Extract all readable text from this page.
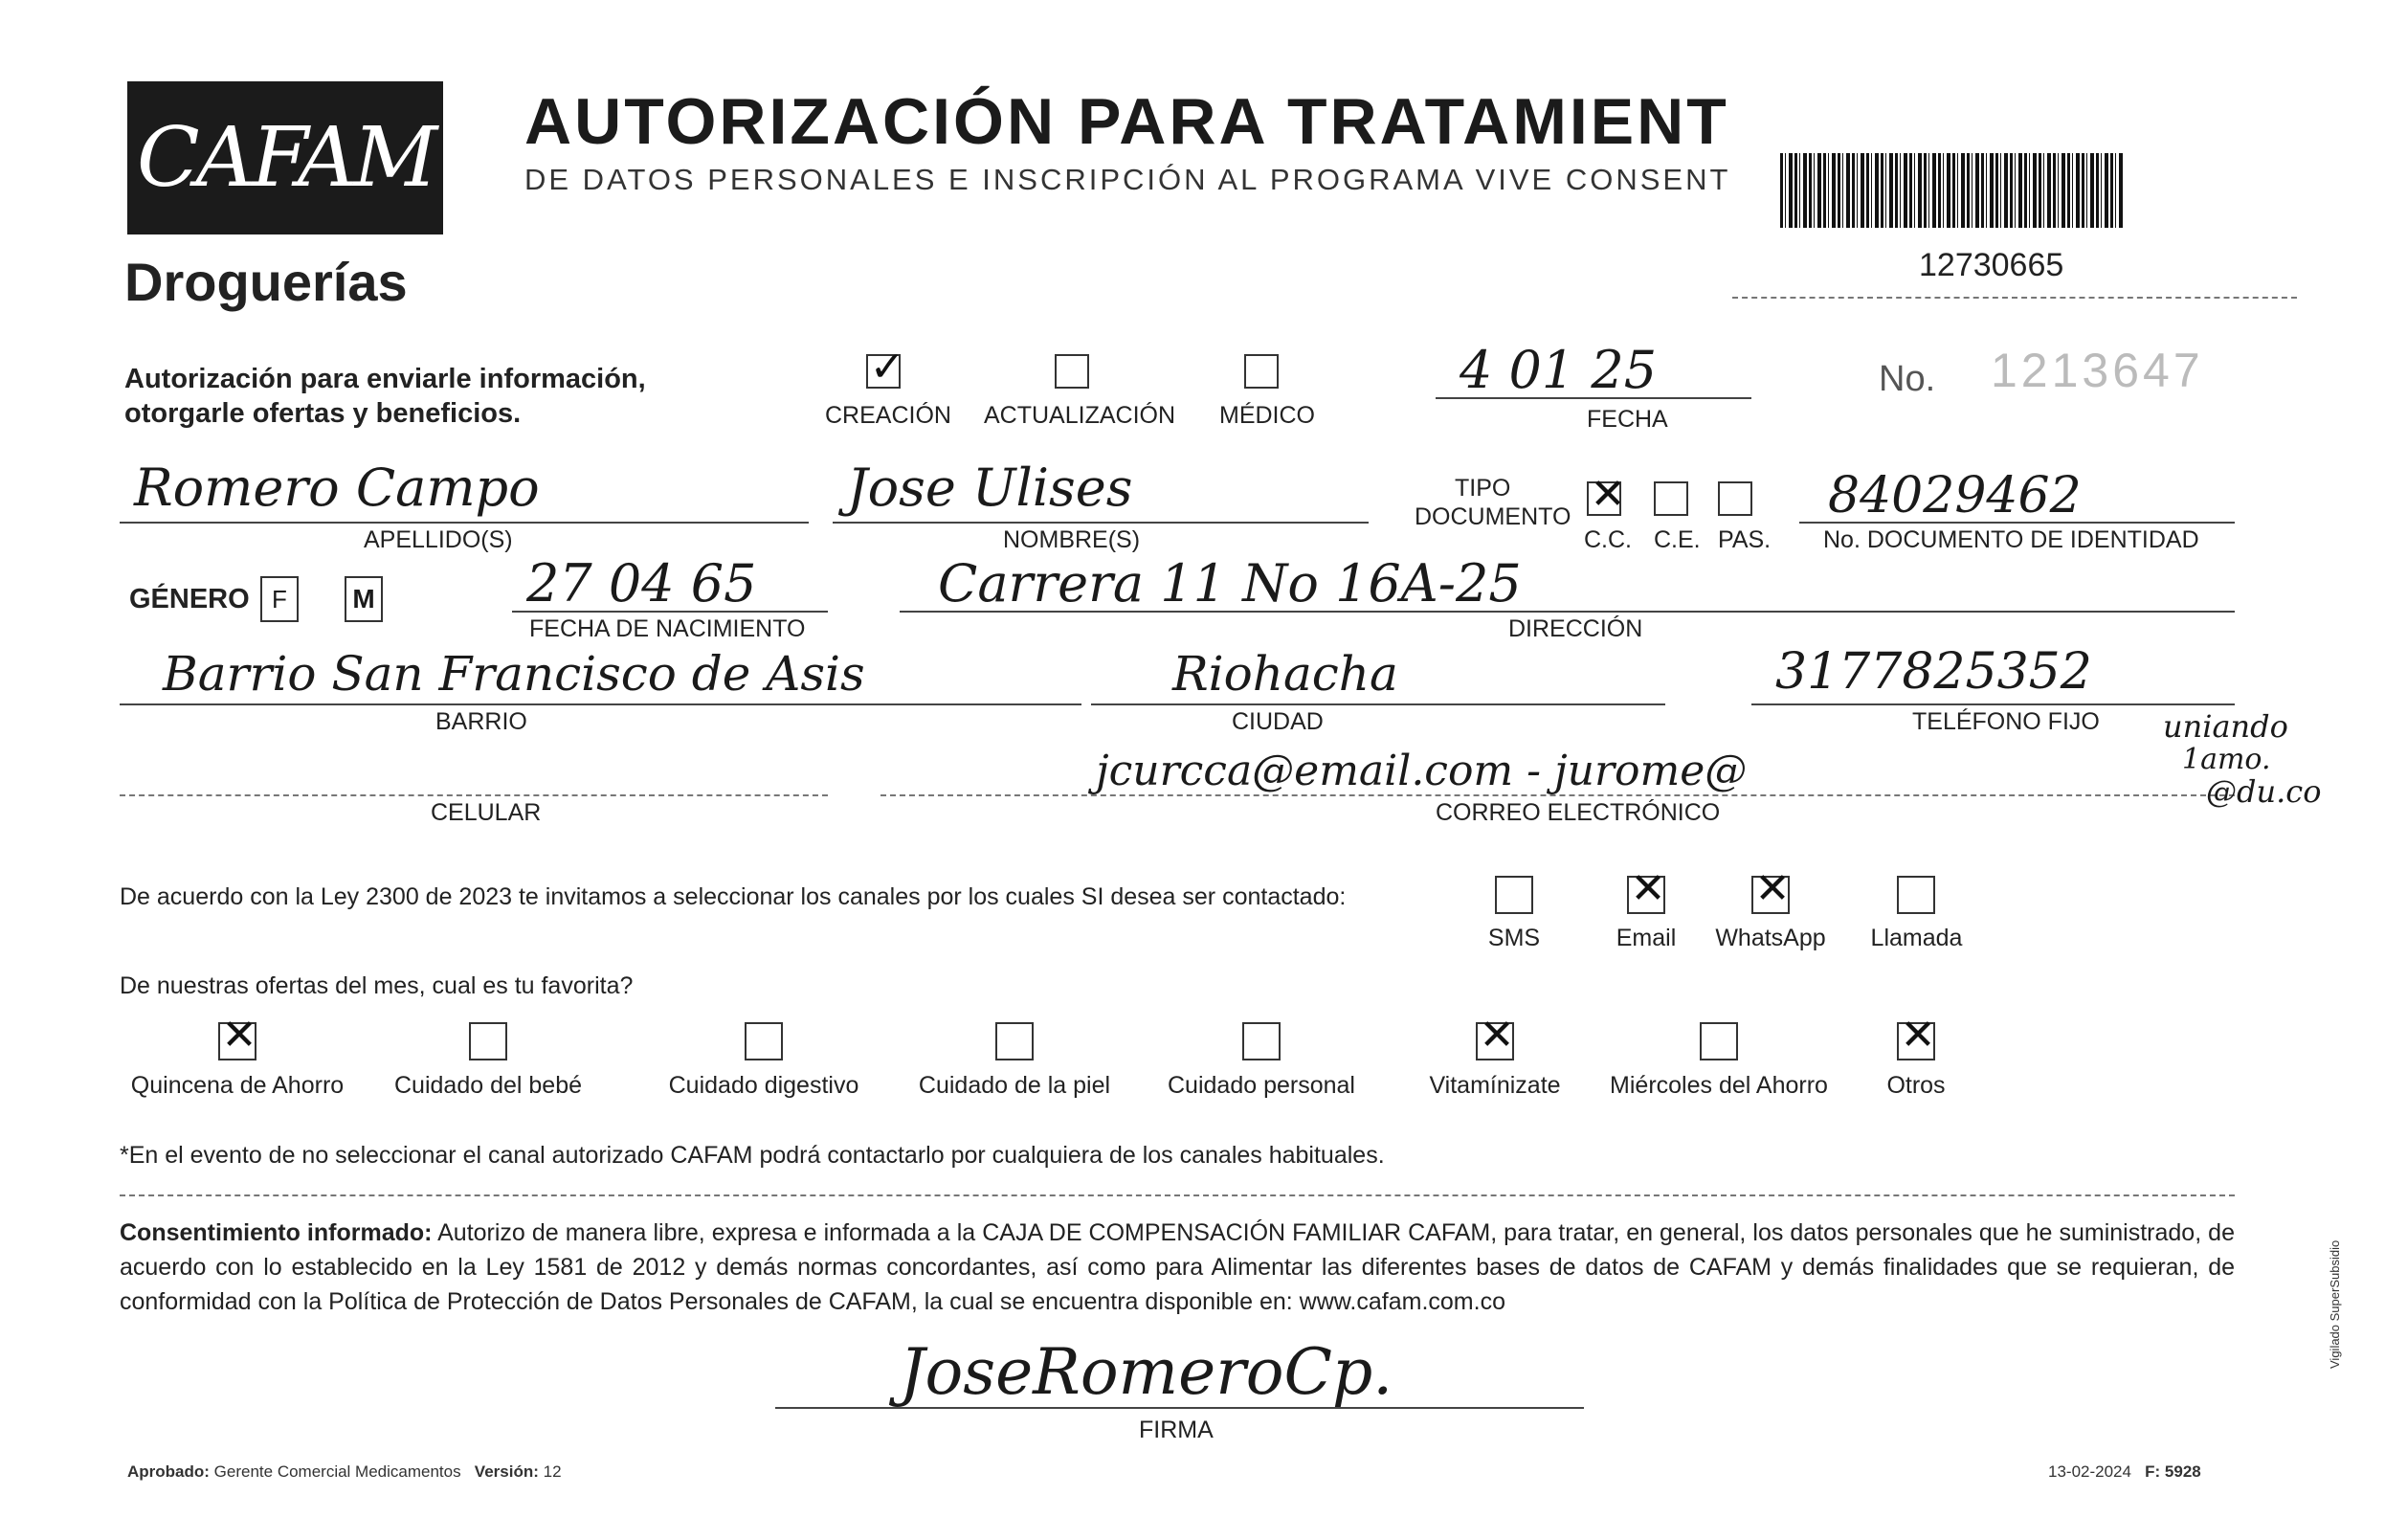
CAFAM
Droguerías
AUTORIZACIÓN PARA TRATAMIENT
DE DATOS PERSONALES E INSCRIPCIÓN AL PROGRAMA VIVE CONSENT
12730665
Autorización para enviarle información,
otorgarle ofertas y beneficios.
✓
CREACIÓN ACTUALIZACIÓN MÉDICO
4 01 25
FECHA
No. 1213647
Romero Campo
APELLIDO(S)
Jose Ulises
NOMBRE(S)
TIPO
DOCUMENTO ✕
C.C. C.E. PAS.
84029462
No. DOCUMENTO DE IDENTIDAD
GÉNERO F M	27 04 65
FECHA DE NACIMIENTO
Carrera 11 No 16A-25
DIRECCIÓN
Barrio San Francisco de Asis
BARRIO
Riohacha
CIUDAD
3177825352
TELÉFONO FIJO
CELULAR
jcurcca@email.com - jurome@
CORREO ELECTRÓNICO
uniando
1amo.
@du.co
De acuerdo con la Ley 2300 de 2023 te invitamos a seleccionar los canales por los cuales SI desea ser contactado:
SMS
✕
Email
✕
WhatsApp	Llamada
De nuestras ofertas del mes, cual es tu favorita?
✕
Quincena de Ahorro	Cuidado del bebé	Cuidado digestivo	Cuidado de la piel	Cuidado personal
✕
Vitamínizate	Miércoles del Ahorro
✕
Otros
*En el evento de no seleccionar el canal autorizado CAFAM podrá contactarlo por cualquiera de los canales habituales.
Consentimiento informado: Autorizo de manera libre, expresa e informada a la CAJA DE COMPENSACIÓN FAMILIAR CAFAM, para tratar, en general, los datos personales que he suministrado, de acuerdo con lo establecido en la Ley 1581 de 2012 y demás normas concordantes, así como para Alimentar las diferentes bases de datos de CAFAM y demás finalidades que se requieran, de conformidad con la Política de Protección de Datos Personales de CAFAM, la cual se encuentra disponible en: www.cafam.com.co
JoseRomeroCp.
FIRMA
Aprobado: Gerente Comercial Medicamentos Versión: 12	13-02-2024 F: 5928
Vigilado SuperSubsidio
